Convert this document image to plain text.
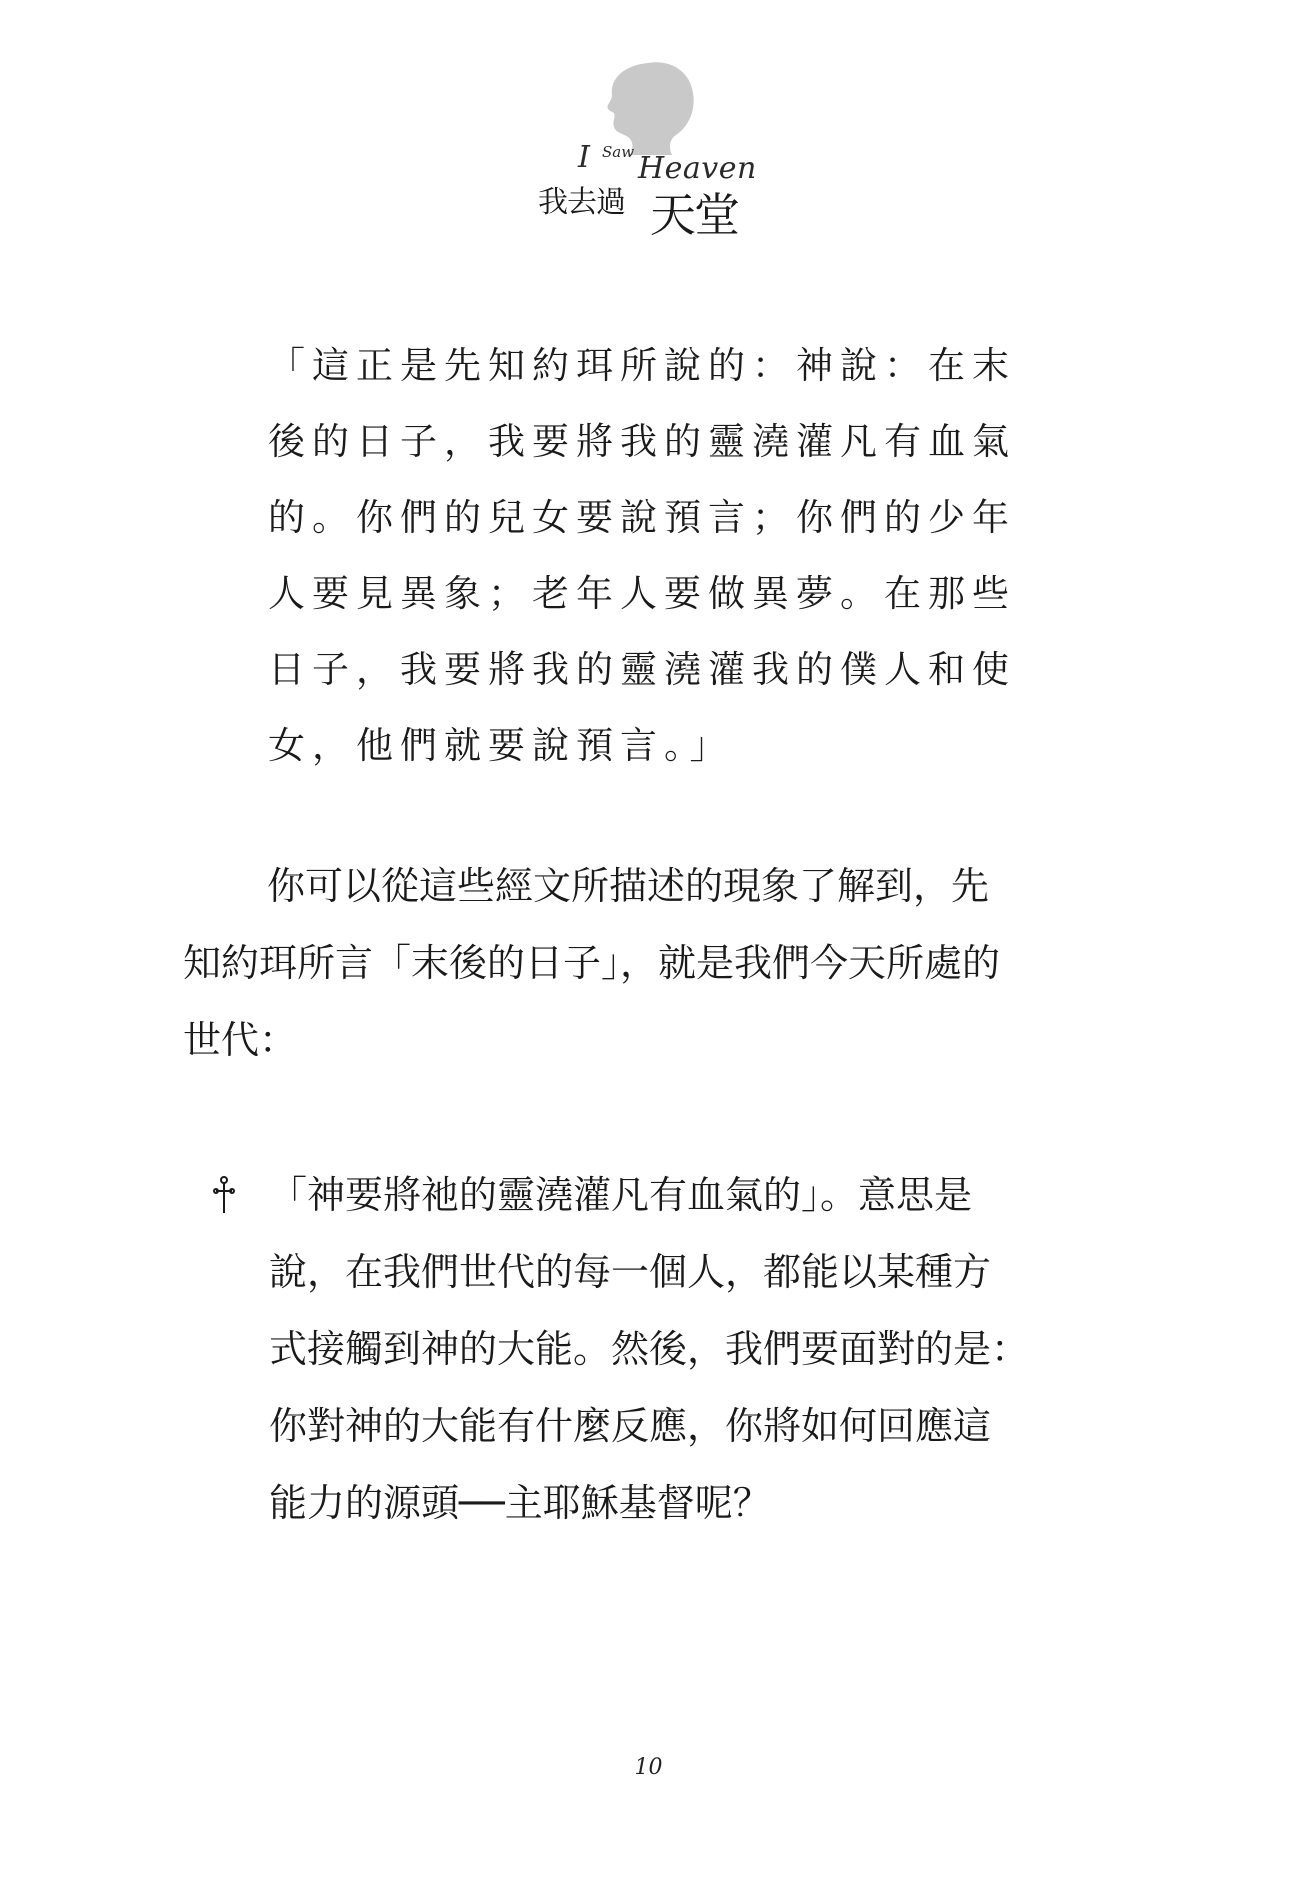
I Saw Heaven
我去過 天堂
「這正是先知約珥所說的：神說：在末
後的日子，我要將我的靈澆灌凡有血氣
的。你們的兒女要說預言；你們的少年
人要見異象；老年人要做異夢。在那些
日子，我要將我的靈澆灌我的僕人和使
女，他們就要說預言。」
你可以從這些經文所描述的現象了解到，先
知約珥所言「末後的日子」，就是我們今天所處的
世代：
「神要將祂的靈澆灌凡有血氣的」。意思是
說，在我們世代的每一個人，都能以某種方
式接觸到神的大能。然後，我們要面對的是：
你對神的大能有什麼反應，你將如何回應這
能力的源頭──主耶穌基督呢？
10
